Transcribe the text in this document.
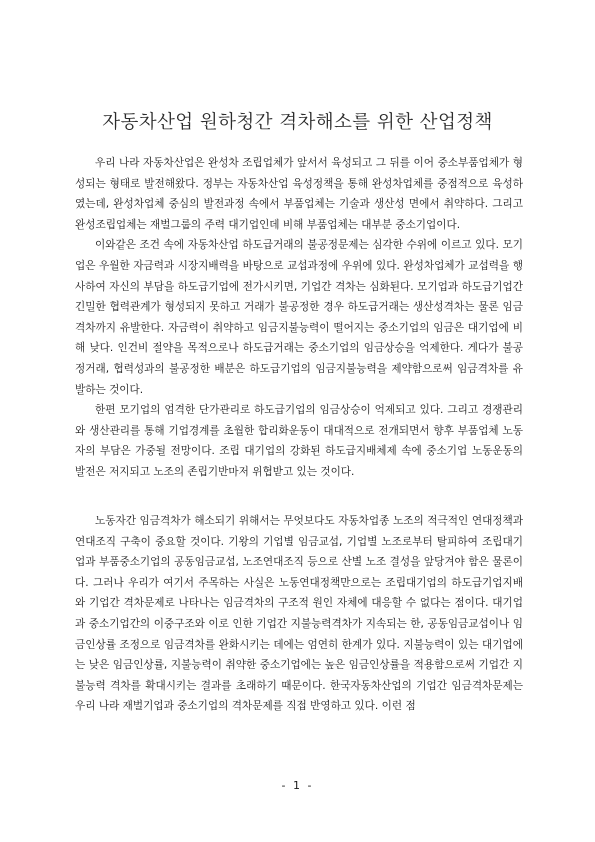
자동차산업 원하청간 격차해소를 위한 산업정책

우리 나라 자동차산업은 완성차 조립업체가 앞서서 육성되고 그 뒤를 이어 중소부품업체가 형성되는 형태로 발전해왔다. 정부는 자동차산업 육성정책을 통해 완성차업체를 중점적으로 육성하였는데, 완성차업체 중심의 발전과정 속에서 부품업체는 기술과 생산성 면에서 취약하다. 그리고 완성조립업체는 재벌그룹의 주력 대기업인데 비해 부품업체는 대부분 중소기업이다.

이와같은 조건 속에 자동차산업 하도급거래의 불공정문제는 심각한 수위에 이르고 있다. 모기업은 우월한 자금력과 시장지배력을 바탕으로 교섭과정에 우위에 있다. 완성차업체가 교섭력을 행사하여 자신의 부담을 하도급기업에 전가시키면, 기업간 격차는 심화된다. 모기업과 하도급기업간 긴밀한 협력관계가 형성되지 못하고 거래가 불공정한 경우 하도급거래는 생산성격차는 물론 임금격차까지 유발한다. 자금력이 취약하고 임금지불능력이 떨어지는 중소기업의 임금은 대기업에 비해 낮다. 인건비 절약을 목적으로나 하도급거래는 중소기업의 임금상승을 억제한다. 게다가 불공정거래, 협력성과의 불공정한 배분은 하도급기업의 임금지불능력을 제약함으로써 임금격차를 유발하는 것이다.

한편 모기업의 엄격한 단가관리로 하도급기업의 임금상승이 억제되고 있다. 그리고 경쟁관리와 생산관리를 통해 기업경계를 초월한 합리화운동이 대대적으로 전개되면서 향후 부품업체 노동자의 부담은 가중될 전망이다. 조립 대기업의 강화된 하도급지배체제 속에 중소기업 노동운동의 발전은 저지되고 노조의 존립기반마저 위협받고 있는 것이다.

노동자간 임금격차가 해소되기 위해서는 무엇보다도 자동차업종 노조의 적극적인 연대정책과 연대조직 구축이 중요할 것이다. 기왕의 기업별 임금교섭, 기업별 노조로부터 탈피하여 조립대기업과 부품중소기업의 공동임금교섭, 노조연대조직 등으로 산별 노조 결성을 앞당겨야 함은 물론이다. 그러나 우리가 여기서 주목하는 사실은 노동연대정책만으로는 조립대기업의 하도급기업지배와 기업간 격차문제로 나타나는 임금격차의 구조적 원인 자체에 대응할 수 없다는 점이다. 대기업과 중소기업간의 이중구조와 이로 인한 기업간 지불능력격차가 지속되는 한, 공동임금교섭이나 임금인상률 조정으로 임금격차를 완화시키는 데에는 엄연히 한계가 있다. 지불능력이 있는 대기업에는 낮은 임금인상률, 지불능력이 취약한 중소기업에는 높은 임금인상률을 적용함으로써 기업간 지불능력 격차를 확대시키는 결과를 초래하기 때문이다. 한국자동차산업의 기업간 임금격차문제는 우리 나라 재벌기업과 중소기업의 격차문제를 직접 반영하고 있다. 이런 점

- 1 -
